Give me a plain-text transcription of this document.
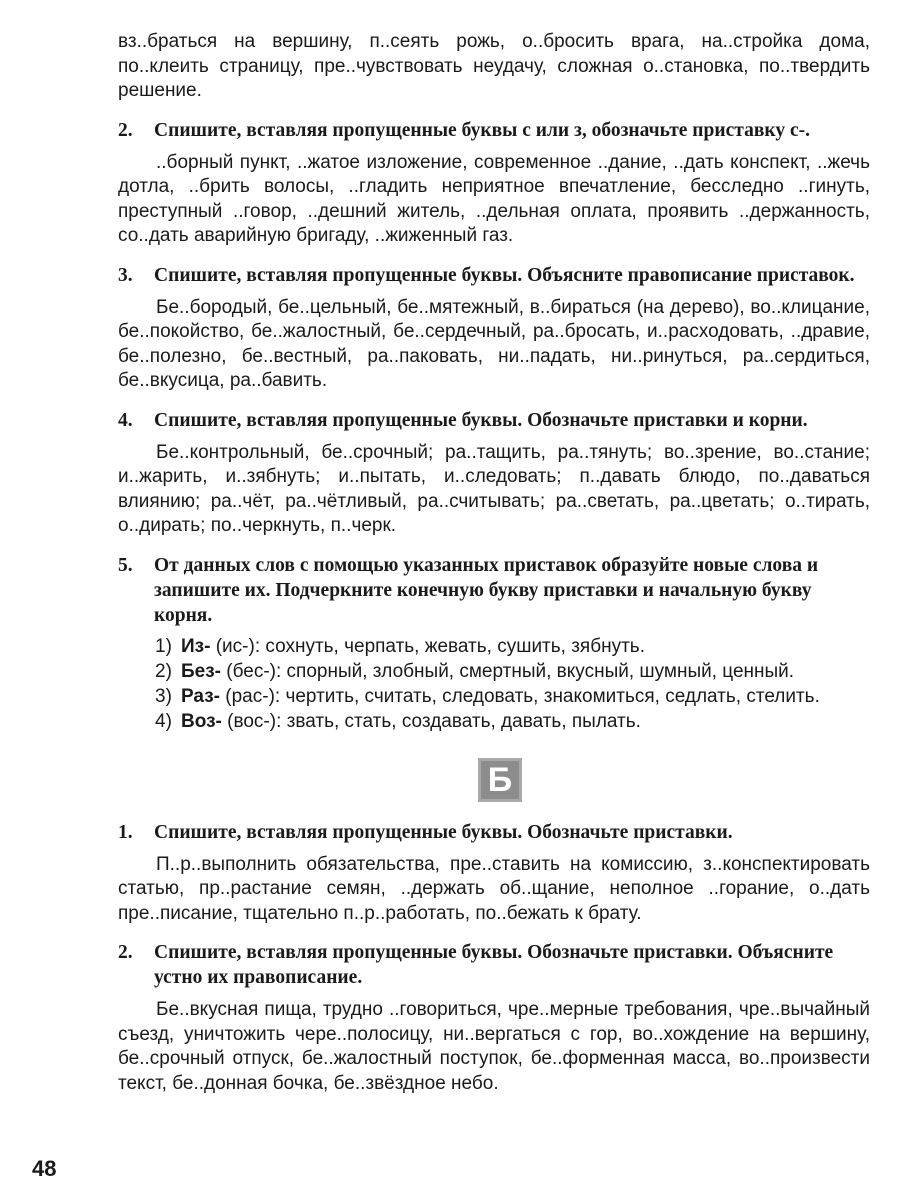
вз..браться на вершину, п..сеять рожь, о..бросить врага, на..стройка дома, по..клеить страницу, пре..чувствовать неудачу, сложная о..становка, по..твердить решение.

2. Спишите, вставляя пропущенные буквы с или з, обозначьте приставку с-.

..борный пункт, ..жатое изложение, современное ..дание, ..дать конспект, ..жечь дотла, ..брить волосы, ..гладить неприятное впечатление, бесследно ..гинуть, преступный ..говор, ..дешний житель, ..дельная оплата, проявить ..держанность, со..дать аварийную бригаду, ..жиженный газ.

3. Спишите, вставляя пропущенные буквы. Объясните правописание приставок.

Бе..бородый, бе..цельный, бе..мятежный, в..бираться (на дерево), во..клицание, бе..покойство, бе..жалостный, бе..сердечный, ра..бросать, и..расходовать, ..дравие, бе..полезно, бе..вестный, ра..паковать, ни..падать, ни..ринуться, ра..сердиться, бе..вкусица, ра..бавить.

4. Спишите, вставляя пропущенные буквы. Обозначьте приставки и корни.

Бе..контрольный, бе..срочный; ра..тащить, ра..тянуть; во..зрение, во..стание; и..жарить, и..зябнуть; и..пытать, и..следовать; п..давать блюдо, по..даваться влиянию; ра..чёт, ра..чётливый, ра..считывать; ра..светать, ра..цветать; о..тирать, о..дирать; по..черкнуть, п..черк.

5. От данных слов с помощью указанных приставок образуйте новые слова и запишите их. Подчеркните конечную букву приставки и начальную букву корня.
1) Из- (ис-): сохнуть, черпать, жевать, сушить, зябнуть.
2) Без- (бес-): спорный, злобный, смертный, вкусный, шумный, ценный.
3) Раз- (рас-): чертить, считать, следовать, знакомиться, седлать, стелить.
4) Воз- (вос-): звать, стать, создавать, давать, пылать.
Б
1. Спишите, вставляя пропущенные буквы. Обозначьте приставки.

П..р..выполнить обязательства, пре..ставить на комиссию, з..конспектировать статью, пр..растание семян, ..держать об..щание, неполное ..горание, о..дать пре..писание, тщательно п..р..работать, по..бежать к брату.

2. Спишите, вставляя пропущенные буквы. Обозначьте приставки. Объясните устно их правописание.

Бе..вкусная пища, трудно ..говориться, чре..мерные требования, чре..вычайный съезд, уничтожить чере..полосицу, ни..вергаться с гор, во..хождение на вершину, бе..срочный отпуск, бе..жалостный поступок, бе..форменная масса, во..произвести текст, бе..донная бочка, бе..звёздное небо.

48
